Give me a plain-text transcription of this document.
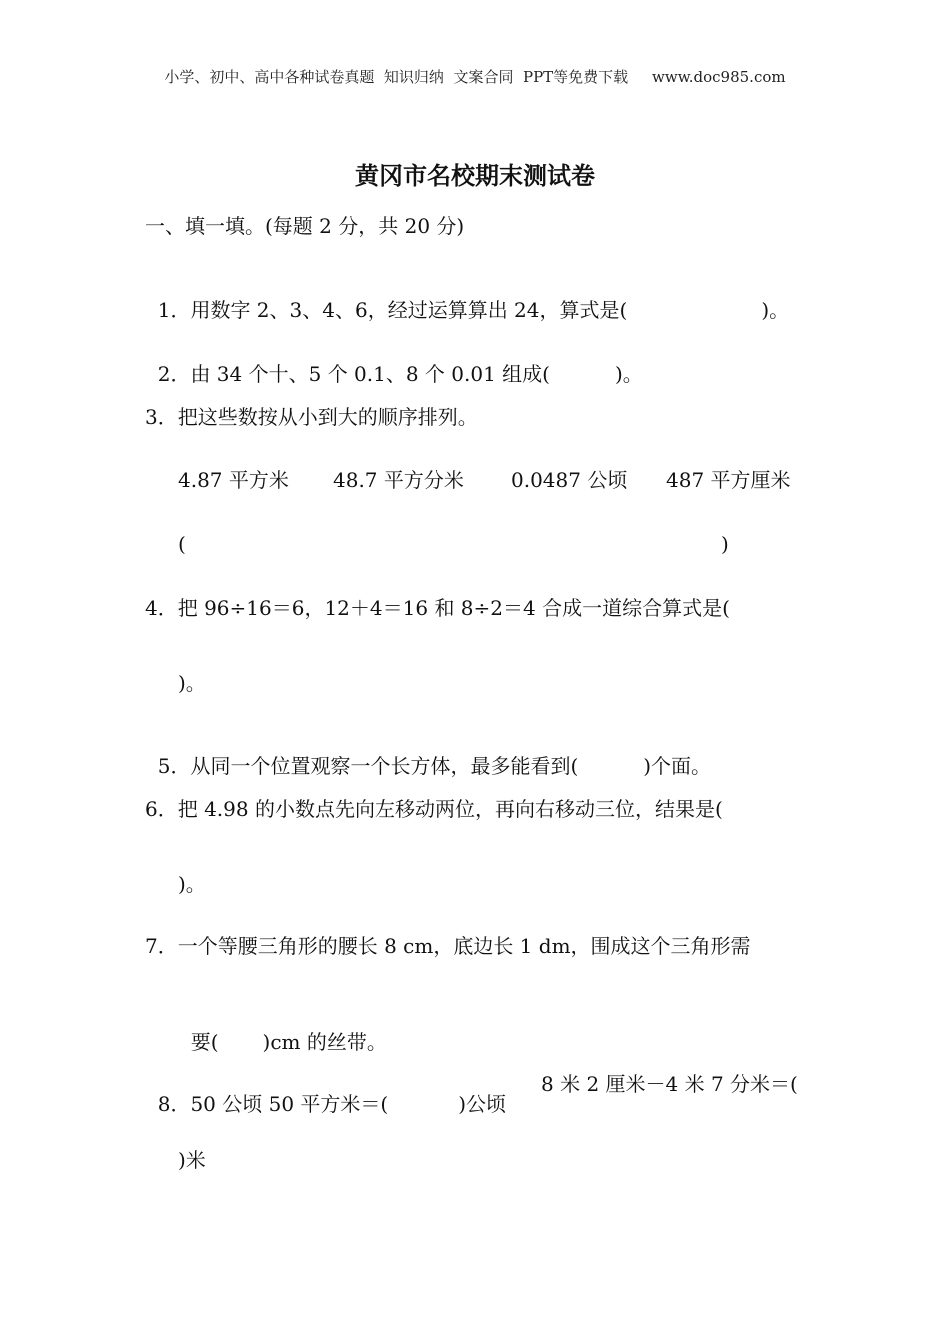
小学、初中、高中各种试卷真题  知识归纳  文案合同  PPT等免费下载     www.doc985.com
黄冈市名校期末测试卷
一、填一填。(每题 2 分，共 20 分)

1．用数字 2、3、4、6，经过运算算出 24，算式是(	)。

2．由 34 个十、5 个 0.1、8 个 0.01 组成(	)。

3．把这些数按从小到大的顺序排列。
4.87 平方米 48.7 平方分米 0.0487 公顷 487 平方厘米
(	)
4．把 96÷16＝6，12＋4＝16 和 8÷2＝4 合成一道综合算式是(
)。

5．从同一个位置观察一个长方体，最多能看到(	)个面。

6．把 4.98 的小数点先向左移动两位，再向右移动三位，结果是(
)。
7．一个等腰三角形的腰长 8 cm，底边长 1 dm，围成这个三角形需

要( )cm 的丝带。

8．50 公顷 50 平方米＝(	)公顷

8 米 2 厘米－4 米 7 分米＝(
)米
